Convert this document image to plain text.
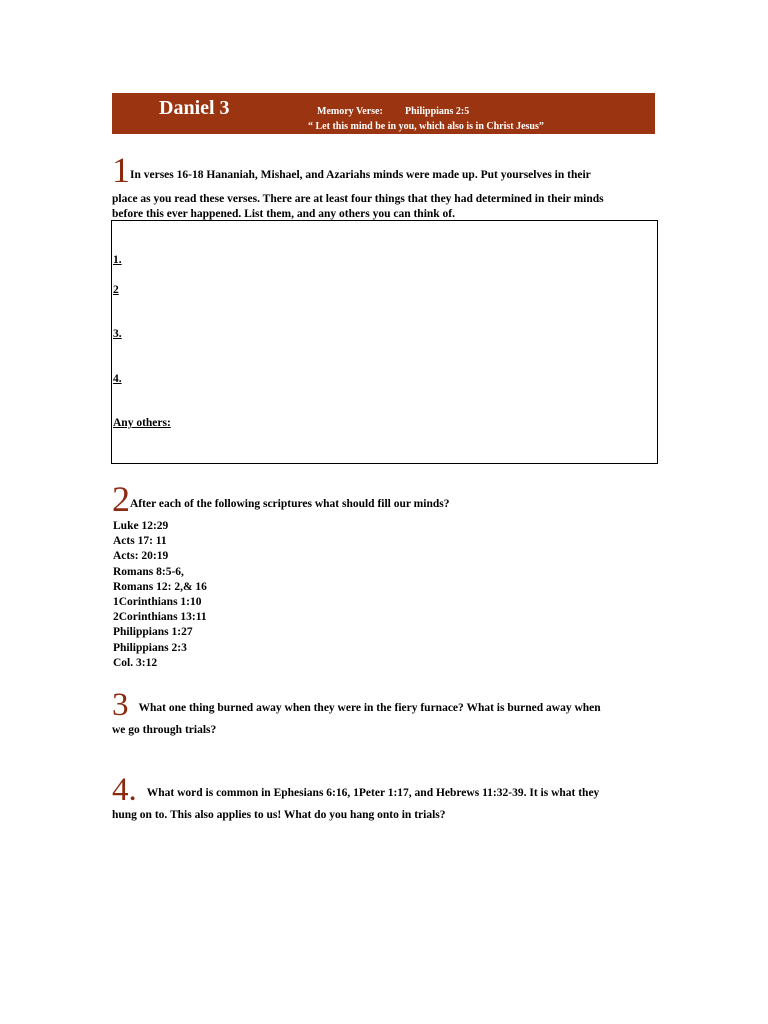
Daniel 3	Memory Verse: Philippians 2:5
“ Let this mind be in you, which also is in Christ Jesus”
1In verses 16-18 Hananiah, Mishael, and Azariahs minds were made up. Put yourselves in their
place as you read these verses. There are at least four things that they had determined in their minds
before this ever happened. List them, and any others you can think of.
1.
2
3.
4.
Any others:
2After each of the following scriptures what should fill our minds?
Luke 12:29
Acts 17: 11
Acts: 20:19
Romans 8:5-6,
Romans 12: 2,& 16
1Corinthians 1:10
2Corinthians 13:11
Philippians 1:27
Philippians 2:3
Col. 3:12
3 What one thing burned away when they were in the fiery furnace? What is burned away when
we go through trials?
4. What word is common in Ephesians 6:16, 1Peter 1:17, and Hebrews 11:32-39. It is what they
hung on to. This also applies to us! What do you hang onto in trials?
